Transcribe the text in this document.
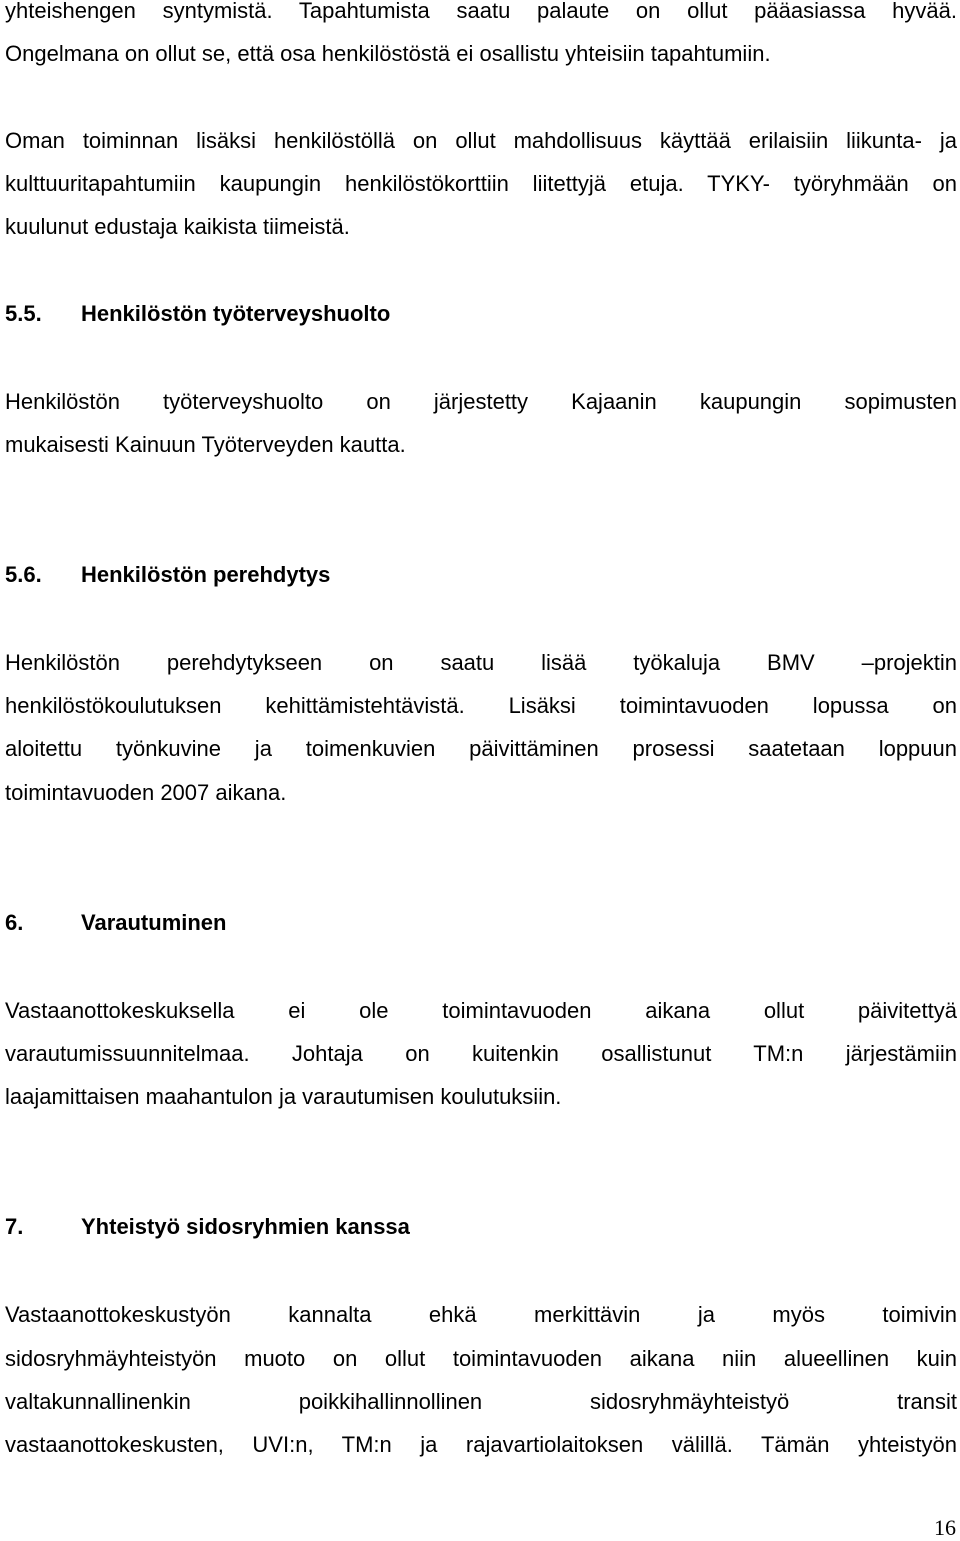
yhteishengen syntymistä. Tapahtumista saatu palaute on ollut pääasiassa hyvää.
Ongelmana on ollut se, että osa henkilöstöstä ei osallistu yhteisiin tapahtumiin.
Oman toiminnan lisäksi henkilöstöllä on ollut mahdollisuus käyttää erilaisiin liikunta- ja
kulttuuritapahtumiin kaupungin henkilöstökorttiin liitettyjä etuja. TYKY- työryhmään on
kuulunut edustaja kaikista tiimeistä.
5.5. Henkilöstön työterveyshuolto
Henkilöstön työterveyshuolto on järjestetty Kajaanin kaupungin sopimusten
mukaisesti Kainuun Työterveyden kautta.
5.6. Henkilöstön perehdytys
Henkilöstön perehdytykseen on saatu lisää työkaluja BMV –projektin
henkilöstökoulutuksen kehittämistehtävistä. Lisäksi toimintavuoden lopussa on
aloitettu työnkuvine ja toimenkuvien päivittäminen prosessi saatetaan loppuun
toimintavuoden 2007 aikana.
6.	Varautuminen
Vastaanottokeskuksella ei ole toimintavuoden aikana ollut päivitettyä
varautumissuunnitelmaa. Johtaja on kuitenkin osallistunut TM:n järjestämiin
laajamittaisen maahantulon ja varautumisen koulutuksiin.
7.	Yhteistyö sidosryhmien kanssa
Vastaanottokeskustyön kannalta ehkä merkittävin ja myös toimivin
sidosryhmäyhteistyön muoto on ollut toimintavuoden aikana niin alueellinen kuin
valtakunnallinenkin poikkihallinnollinen sidosryhmäyhteistyö transit
vastaanottokeskusten, UVI:n, TM:n ja rajavartiolaitoksen välillä. Tämän yhteistyön
16
